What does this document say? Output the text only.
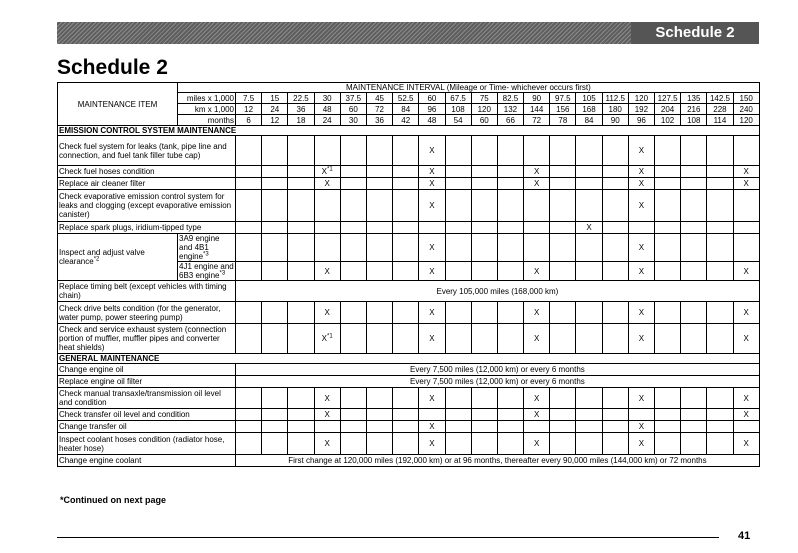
Schedule 2
Schedule 2
MAINTENANCE ITEM	MAINTENANCE INTERVAL (Mileage or Time- whichever occurs first)																				
	miles x 1,000	7.5	15	22.5	30	37.5	45	52.5	60	67.5	75	82.5	90	97.5	105	112.5	120	127.5	135	142.5	150
	km x 1,000	12	24	36	48	60	72	84	96	108	120	132	144	156	168	180	192	204	216	228	240
	months	6	12	18	24	30	36	42	48	54	60	66	72	78	84	90	96	102	108	114	120
EMISSION CONTROL SYSTEM MAINTENANCE																					
Check fuel system for leaks (tank, pipe line and connection, and fuel tank filler tube cap)									X								X				
Check fuel hoses condition					$X^{*1}$				X				X				X				X
Replace air cleaner filter					X				X				X				X				X
Check evaporative emission control system for leaks and clogging (except evaporative emission canister)									X								X				
Replace spark plugs, iridium-tipped type															X						
Inspect and adjust valve clearance$^{*2}$	3A9 engine and 4B1 engine$^{*3}$								X								X				
	4J1 engine and 6B3 engine$^{*3}$				X				X				X				X				X
Replace timing belt (except vehicles with timing chain)		Every 105,000 miles (168,000 km)																			
Check drive belts condition (for the generator, water pump, power steering pump)					X				X				X				X				X
Check and service exhaust system (connection portion of muffler, muffler pipes and converter heat shields)					$X^{*1}$				X				X				X				X
GENERAL MAINTENANCE																					
Change engine oil		Every 7,500 miles (12,000 km) or every 6 months																			
Replace engine oil filter		Every 7,500 miles (12,000 km) or every 6 months																			
Check manual transaxle/transmission oil level and condition					X				X				X				X				X
Check transfer oil level and condition					X								X								X
Change transfer oil									X								X				
Inspect coolant hoses condition (radiator hose, heater hose)					X				X				X				X				X
Change engine coolant		First change at 120,000 miles (192,000 km) or at 96 months, thereafter every 90,000 miles (144,000 km) or 72 months																			
*Continued on next page
41
